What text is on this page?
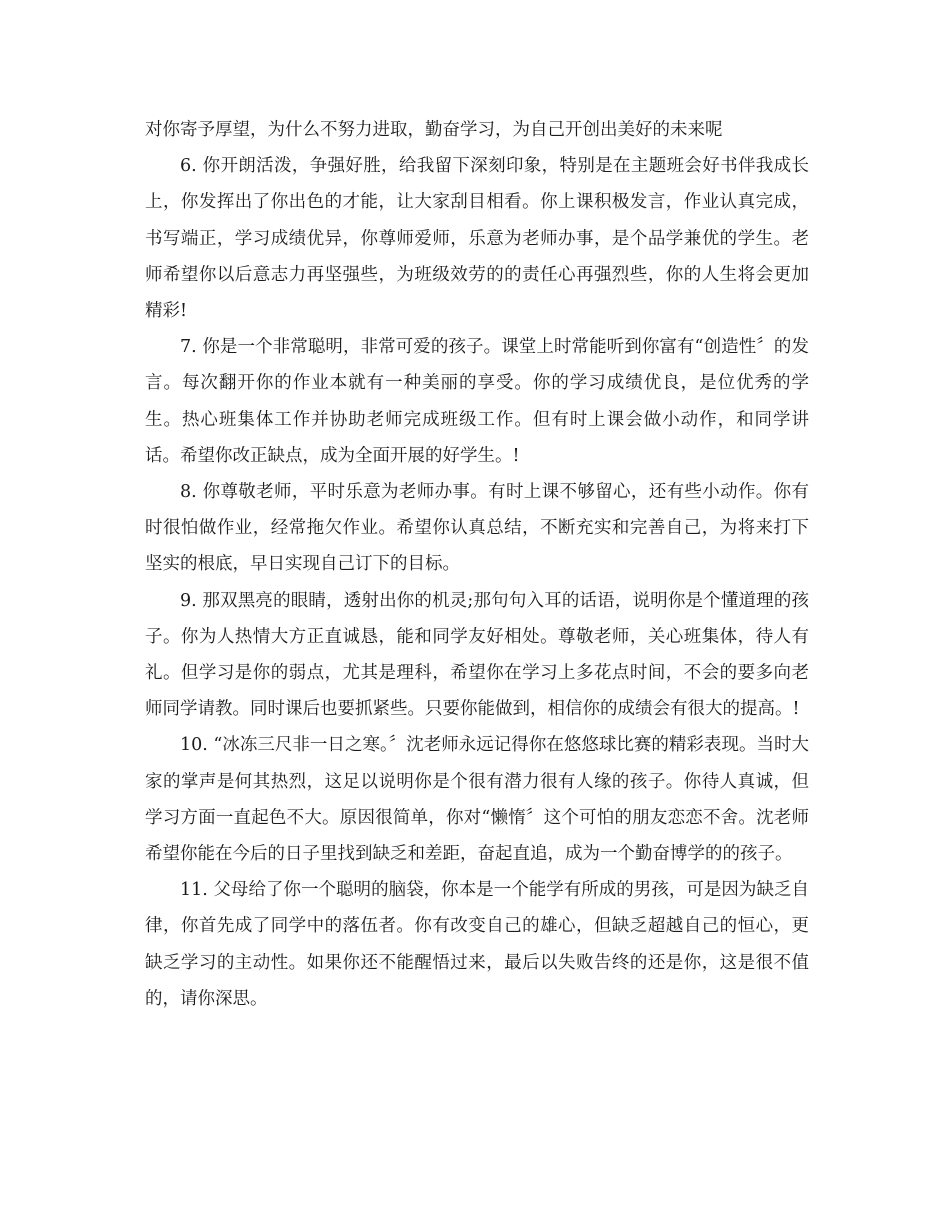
对你寄予厚望，为什么不努力进取，勤奋学习，为自己开创出美好的未来呢

6. 你开朗活泼，争强好胜，给我留下深刻印象，特别是在主题班会好书伴我成长上，你发挥出了你出色的才能，让大家刮目相看。你上课积极发言，作业认真完成，书写端正，学习成绩优异，你尊师爱师，乐意为老师办事，是个品学兼优的学生。老师希望你以后意志力再坚强些，为班级效劳的的责任心再强烈些，你的人生将会更加精彩!

7. 你是一个非常聪明，非常可爱的孩子。课堂上时常能听到你富有“创造性〞的发言。每次翻开你的作业本就有一种美丽的享受。你的学习成绩优良，是位优秀的学生。热心班集体工作并协助老师完成班级工作。但有时上课会做小动作，和同学讲话。希望你改正缺点，成为全面开展的好学生。!

8. 你尊敬老师，平时乐意为老师办事。有时上课不够留心，还有些小动作。你有时很怕做作业，经常拖欠作业。希望你认真总结，不断充实和完善自己，为将来打下坚实的根底，早日实现自己订下的目标。

9. 那双黑亮的眼睛，透射出你的机灵;那句句入耳的话语，说明你是个懂道理的孩子。你为人热情大方正直诚恳，能和同学友好相处。尊敬老师，关心班集体，待人有礼。但学习是你的弱点，尤其是理科，希望你在学习上多花点时间，不会的要多向老师同学请教。同时课后也要抓紧些。只要你能做到，相信你的成绩会有很大的提高。!

10. “冰冻三尺非一日之寒。〞沈老师永远记得你在悠悠球比赛的精彩表现。当时大家的掌声是何其热烈，这足以说明你是个很有潜力很有人缘的孩子。你待人真诚，但学习方面一直起色不大。原因很简单，你对“懒惰〞这个可怕的朋友恋恋不舍。沈老师希望你能在今后的日子里找到缺乏和差距，奋起直追，成为一个勤奋博学的的孩子。

11. 父母给了你一个聪明的脑袋，你本是一个能学有所成的男孩，可是因为缺乏自律，你首先成了同学中的落伍者。你有改变自己的雄心，但缺乏超越自己的恒心，更缺乏学习的主动性。如果你还不能醒悟过来，最后以失败告终的还是你，这是很不值的，请你深思。
